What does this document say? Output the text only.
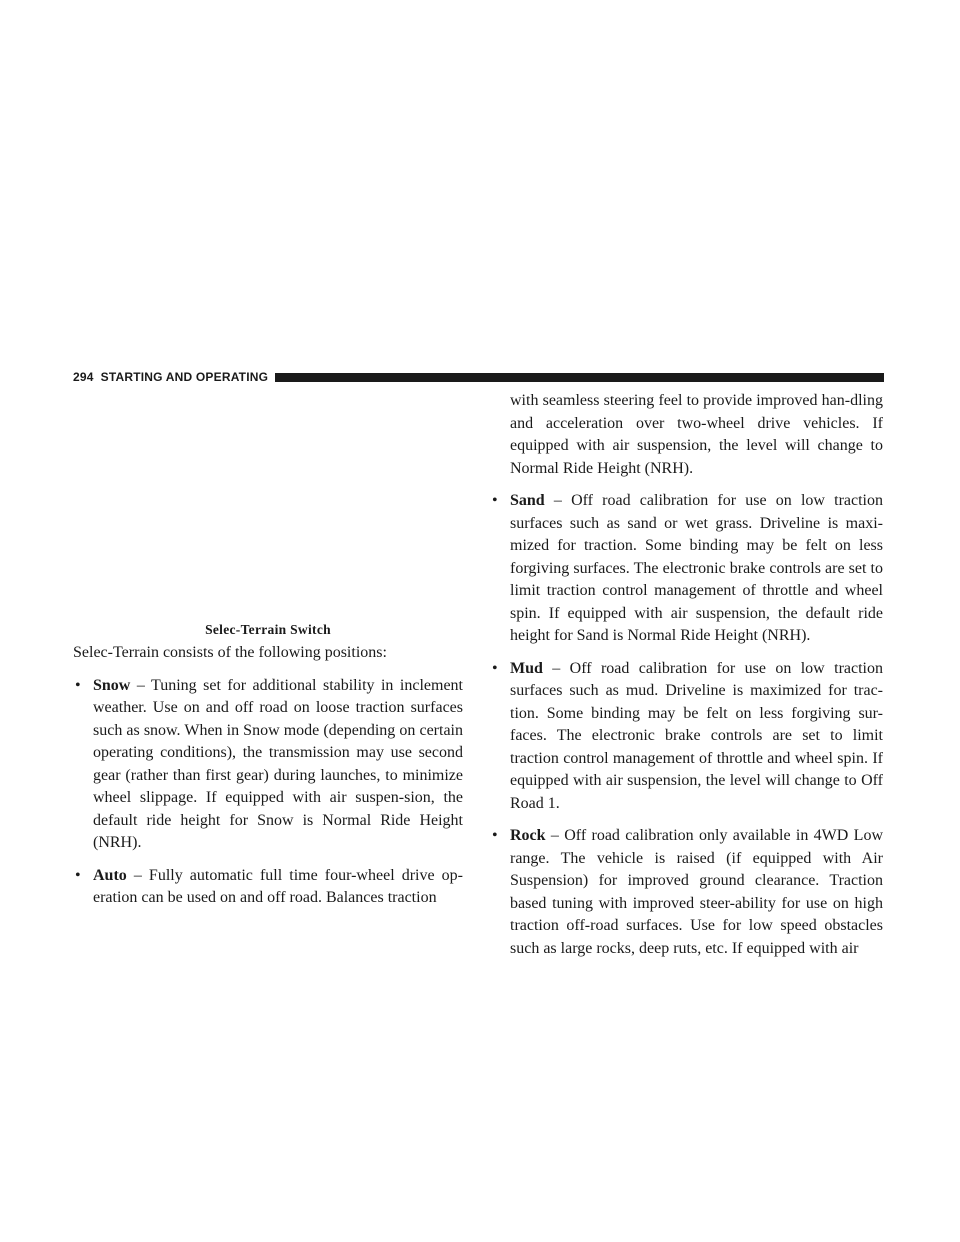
294 STARTING AND OPERATING
Selec-Terrain Switch

Selec-Terrain consists of the following positions:

• Snow – Tuning set for additional stability in inclement weather. Use on and off road on loose traction surfaces such as snow. When in Snow mode (depending on certain operating conditions), the transmission may use second gear (rather than first gear) during launches, to minimize wheel slippage. If equipped with air suspen-sion, the default ride height for Snow is Normal Ride Height (NRH).
• Auto – Fully automatic full time four-wheel drive op-eration can be used on and off road. Balances traction

with seamless steering feel to provide improved han-dling and acceleration over two-wheel drive vehicles. If equipped with air suspension, the level will change to Normal Ride Height (NRH).

• Sand – Off road calibration for use on low traction surfaces such as sand or wet grass. Driveline is maxi-mized for traction. Some binding may be felt on less forgiving surfaces. The electronic brake controls are set to limit traction control management of throttle and wheel spin. If equipped with air suspension, the default ride height for Sand is Normal Ride Height (NRH).
• Mud – Off road calibration for use on low traction surfaces such as mud. Driveline is maximized for trac-tion. Some binding may be felt on less forgiving sur-faces. The electronic brake controls are set to limit traction control management of throttle and wheel spin. If equipped with air suspension, the level will change to Off Road 1.
• Rock – Off road calibration only available in 4WD Low range. The vehicle is raised (if equipped with Air Suspension) for improved ground clearance. Traction based tuning with improved steer-ability for use on high traction off-road surfaces. Use for low speed obstacles such as large rocks, deep ruts, etc. If equipped with air
